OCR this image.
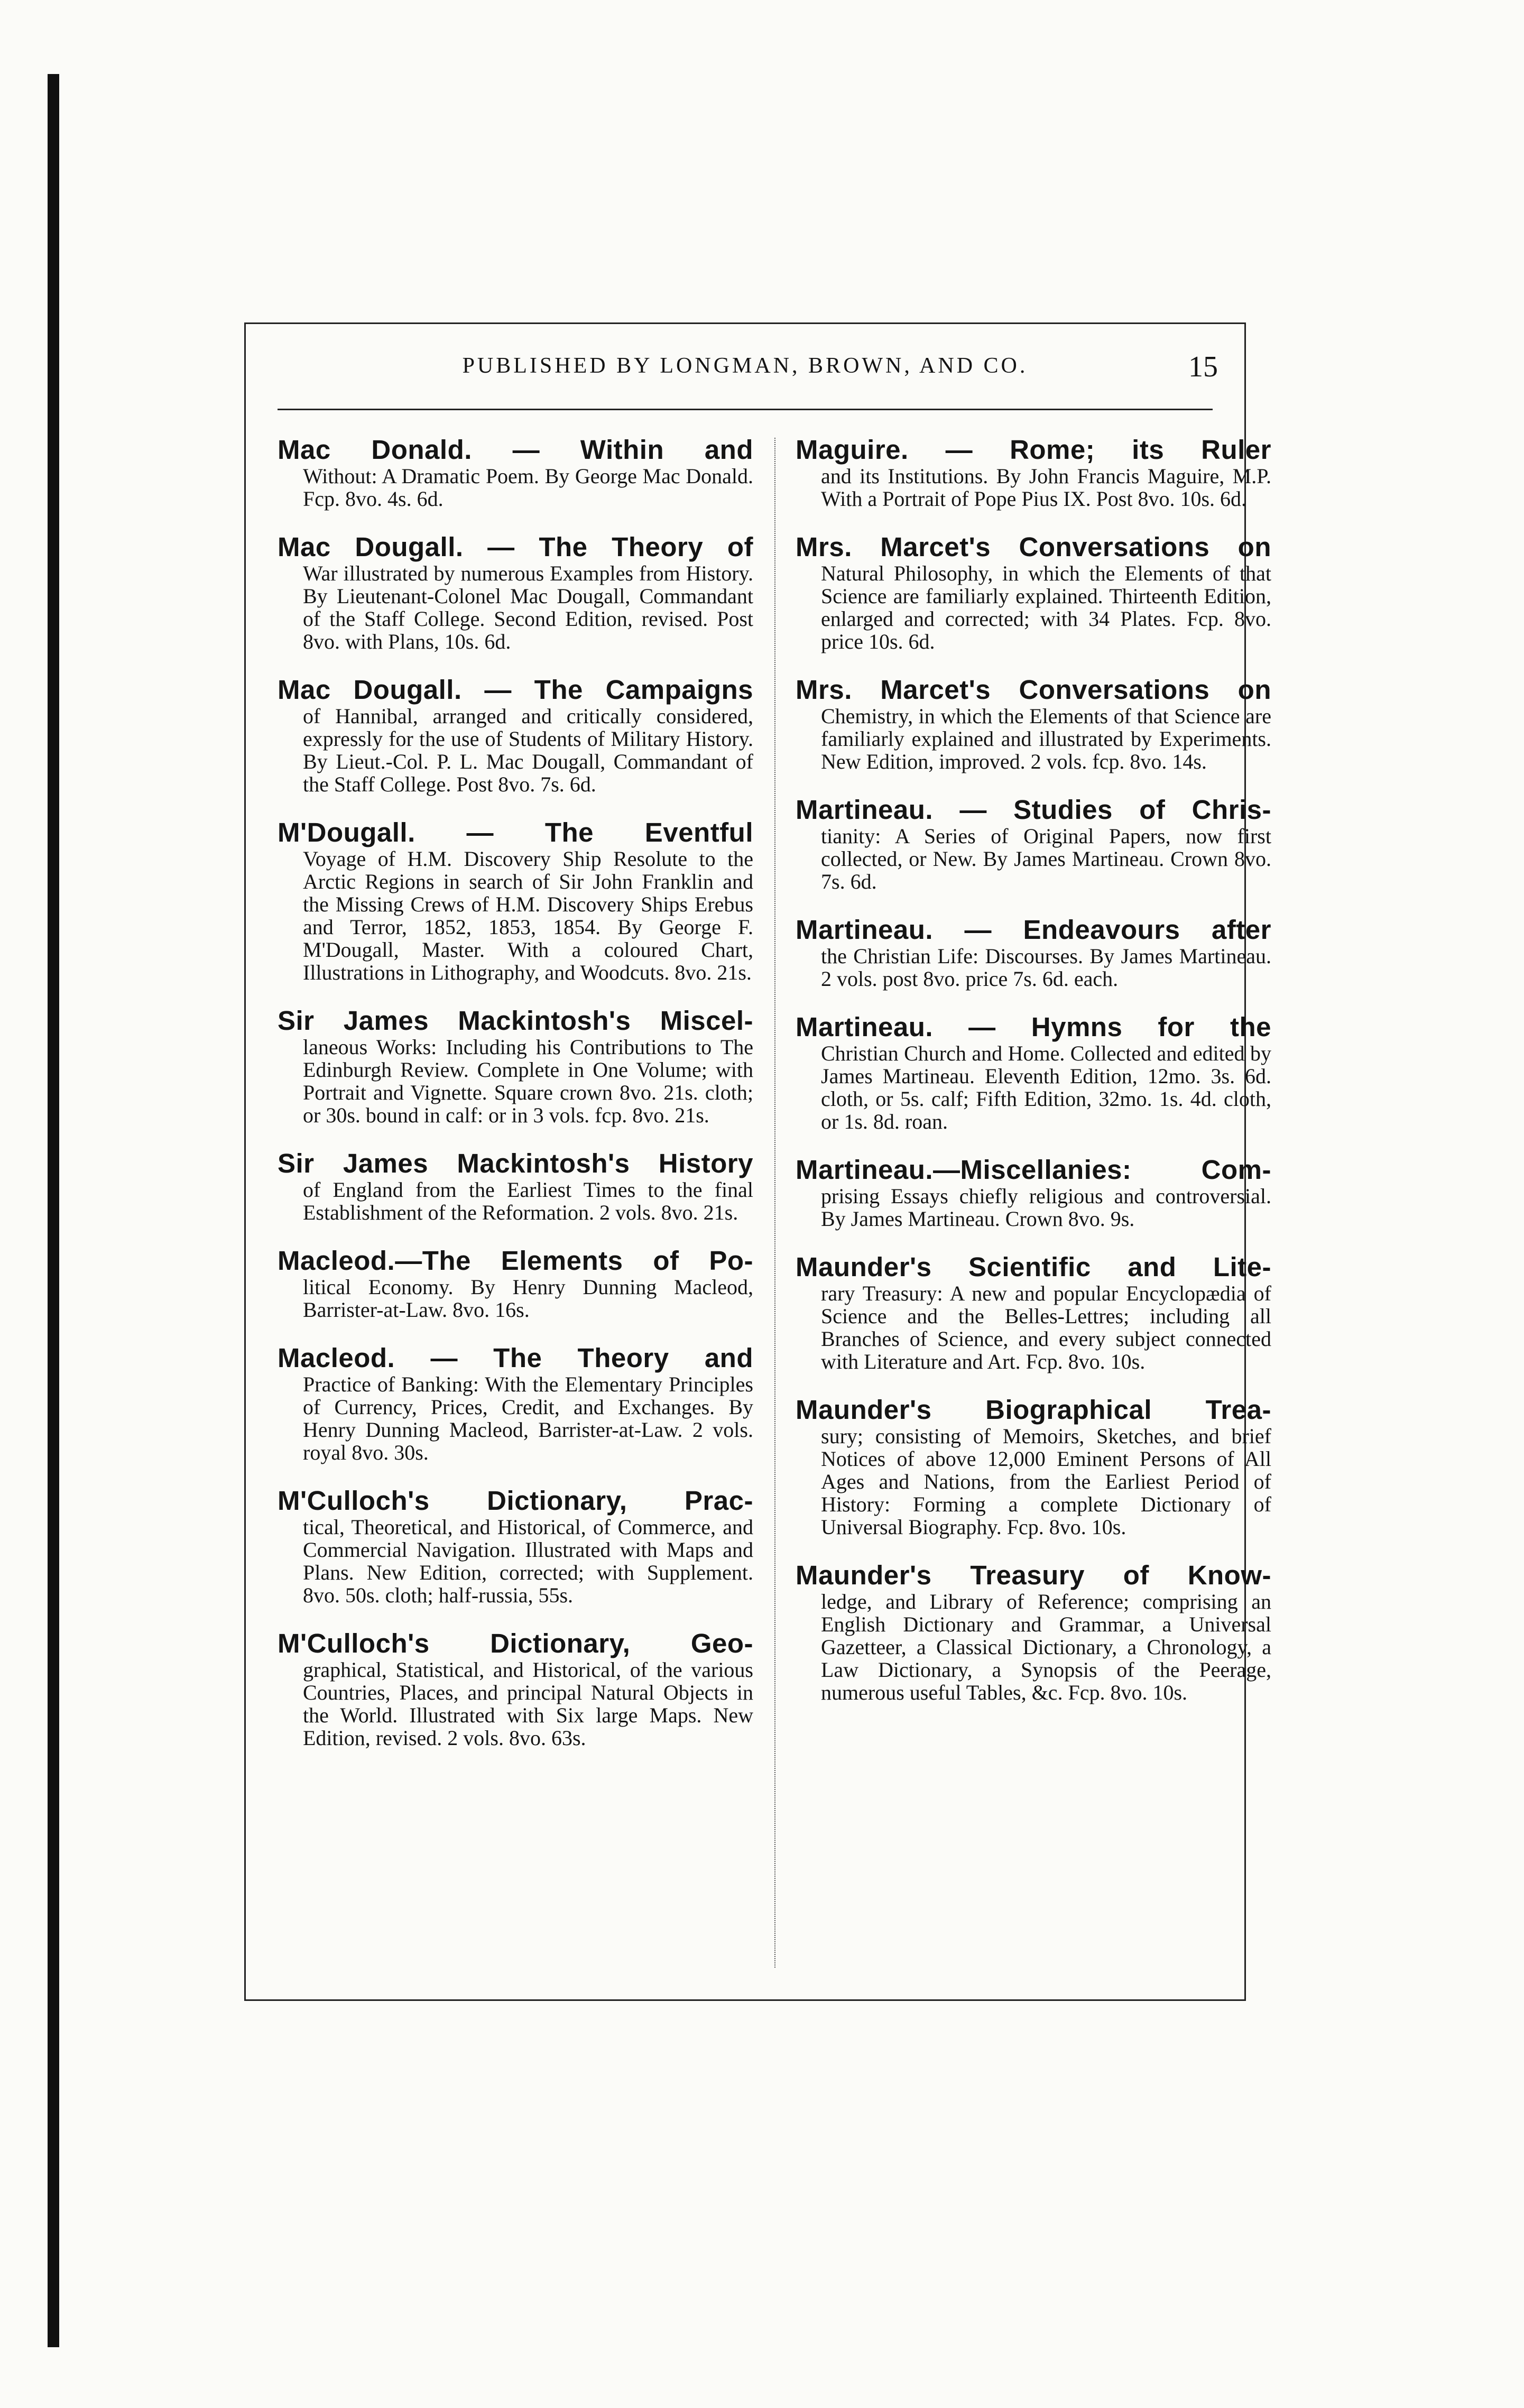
PUBLISHED BY LONGMAN, BROWN, AND CO.	15
Mac Donald. — Within and
Without: A Dramatic Poem. By George Mac Donald. Fcp. 8vo. 4s. 6d.
Mac Dougall. — The Theory of
War illustrated by numerous Examples from History. By Lieutenant-Colonel Mac Dougall, Commandant of the Staff College. Second Edition, revised. Post 8vo. with Plans, 10s. 6d.
Mac Dougall. — The Campaigns
of Hannibal, arranged and critically considered, expressly for the use of Students of Military History. By Lieut.-Col. P. L. Mac Dougall, Commandant of the Staff College. Post 8vo. 7s. 6d.
M'Dougall. — The Eventful
Voyage of H.M. Discovery Ship Resolute to the Arctic Regions in search of Sir John Franklin and the Missing Crews of H.M. Discovery Ships Erebus and Terror, 1852, 1853, 1854. By George F. M'Dougall, Master. With a coloured Chart, Illustrations in Lithography, and Woodcuts. 8vo. 21s.
Sir James Mackintosh's Miscel-
laneous Works: Including his Contributions to The Edinburgh Review. Complete in One Volume; with Portrait and Vignette. Square crown 8vo. 21s. cloth; or 30s. bound in calf: or in 3 vols. fcp. 8vo. 21s.
Sir James Mackintosh's History
of England from the Earliest Times to the final Establishment of the Reformation. 2 vols. 8vo. 21s.
Macleod.—The Elements of Po-
litical Economy. By Henry Dunning Macleod, Barrister-at-Law. 8vo. 16s.
Macleod. — The Theory and
Practice of Banking: With the Elementary Principles of Currency, Prices, Credit, and Exchanges. By Henry Dunning Macleod, Barrister-at-Law. 2 vols. royal 8vo. 30s.
M'Culloch's Dictionary, Prac-
tical, Theoretical, and Historical, of Commerce, and Commercial Navigation. Illustrated with Maps and Plans. New Edition, corrected; with Supplement. 8vo. 50s. cloth; half-russia, 55s.
M'Culloch's Dictionary, Geo-
graphical, Statistical, and Historical, of the various Countries, Places, and principal Natural Objects in the World. Illustrated with Six large Maps. New Edition, revised. 2 vols. 8vo. 63s.
Maguire. — Rome; its Ruler
and its Institutions. By John Francis Maguire, M.P. With a Portrait of Pope Pius IX. Post 8vo. 10s. 6d.
Mrs. Marcet's Conversations on
Natural Philosophy, in which the Elements of that Science are familiarly explained. Thirteenth Edition, enlarged and corrected; with 34 Plates. Fcp. 8vo. price 10s. 6d.
Mrs. Marcet's Conversations on
Chemistry, in which the Elements of that Science are familiarly explained and illustrated by Experiments. New Edition, improved. 2 vols. fcp. 8vo. 14s.
Martineau. — Studies of Chris-
tianity: A Series of Original Papers, now first collected, or New. By James Martineau. Crown 8vo. 7s. 6d.
Martineau. — Endeavours after
the Christian Life: Discourses. By James Martineau. 2 vols. post 8vo. price 7s. 6d. each.
Martineau. — Hymns for the
Christian Church and Home. Collected and edited by James Martineau. Eleventh Edition, 12mo. 3s. 6d. cloth, or 5s. calf; Fifth Edition, 32mo. 1s. 4d. cloth, or 1s. 8d. roan.
Martineau.—Miscellanies: Com-
prising Essays chiefly religious and controversial. By James Martineau. Crown 8vo. 9s.
Maunder's Scientific and Lite-
rary Treasury: A new and popular Encyclopædia of Science and the Belles-Lettres; including all Branches of Science, and every subject connected with Literature and Art. Fcp. 8vo. 10s.
Maunder's Biographical Trea-
sury; consisting of Memoirs, Sketches, and brief Notices of above 12,000 Eminent Persons of All Ages and Nations, from the Earliest Period of History: Forming a complete Dictionary of Universal Biography. Fcp. 8vo. 10s.
Maunder's Treasury of Know-
ledge, and Library of Reference; comprising an English Dictionary and Grammar, a Universal Gazetteer, a Classical Dictionary, a Chronology, a Law Dictionary, a Synopsis of the Peerage, numerous useful Tables, &c. Fcp. 8vo. 10s.
